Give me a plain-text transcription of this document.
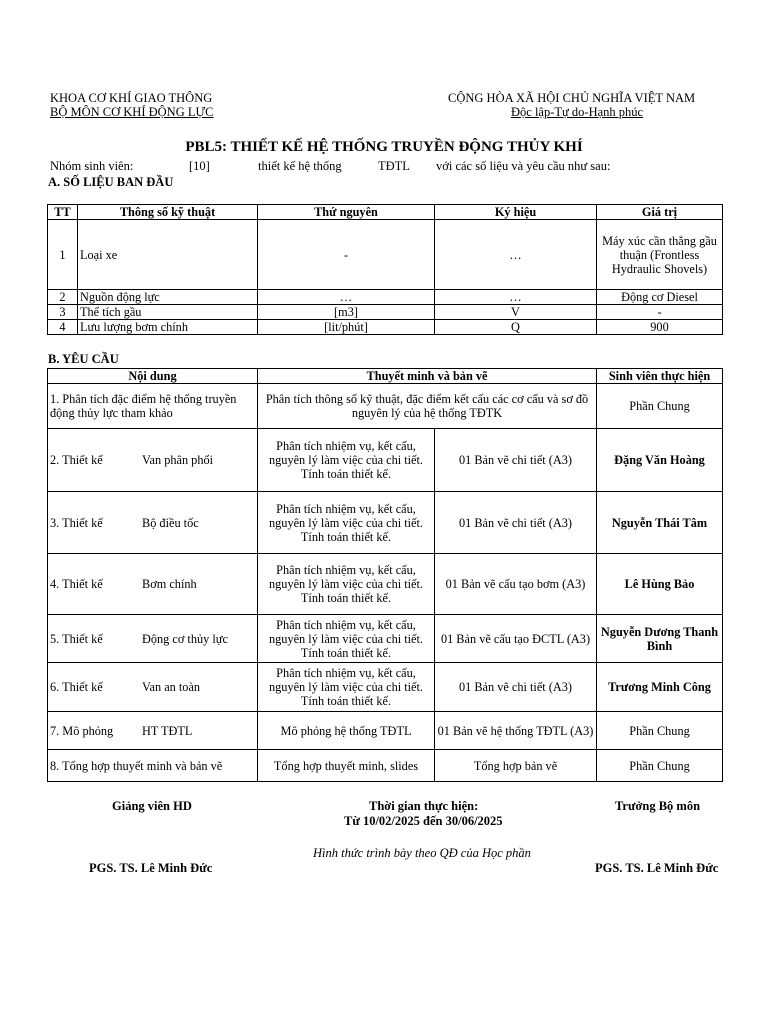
KHOA CƠ KHÍ GIAO THÔNG
BỘ MÔN CƠ KHÍ ĐỘNG LỰC
CỘNG HÒA XÃ HỘI CHỦ NGHĨA VIỆT NAM
Độc lập-Tự do-Hạnh phúc
PBL5: THIẾT KẾ HỆ THỐNG TRUYỀN ĐỘNG THỦY KHÍ
Nhóm sinh viên:	[10]	thiết kế hệ thống	TĐTL với các số liệu và yêu cầu như sau:
A. SỐ LIỆU BAN ĐẦU
TT	Thông số kỹ thuật	Thứ nguyên	Ký hiệu	Giá trị
1	Loại xe	-	…	Máy xúc cần thẳng gầu thuận (Frontless Hydraulic Shovels)
2	Nguồn động lực	…	…	Động cơ Diesel
3	Thể tích gầu	[m3]	V	-
4	Lưu lượng bơm chính	[lit/phút]	Q	900
B. YÊU CẦU
Nội dung	Thuyết minh và bản vẽ		Sinh viên thực hiện
1. Phân tích đặc điểm hệ thống truyền động thủy lực tham khảo	Phân tích thông số kỹ thuật, đặc điểm kết cấu các cơ cấu và sơ đồ nguyên lý của hệ thống TĐTK		Phần Chung
2. Thiết kế Van phân phối	Phân tích nhiệm vụ, kết cấu, nguyên lý làm việc của chi tiết. Tính toán thiết kế.	01 Bản vẽ chi tiết (A3)	Đặng Văn Hoàng
3. Thiết kế Bộ điều tốc	Phân tích nhiệm vụ, kết cấu, nguyên lý làm việc của chi tiết. Tính toán thiết kế.	01 Bản vẽ chi tiết (A3)	Nguyễn Thái Tâm
4. Thiết kế Bơm chính	Phân tích nhiệm vụ, kết cấu, nguyên lý làm việc của chi tiết. Tính toán thiết kế.	01 Bản vẽ cấu tạo bơm (A3)	Lê Hùng Bảo
5. Thiết kế Động cơ thủy lực	Phân tích nhiệm vụ, kết cấu, nguyên lý làm việc của chi tiết. Tính toán thiết kế.	01 Bản vẽ cấu tạo ĐCTL (A3)	Nguyễn Dương Thanh Bình
6. Thiết kế Van an toàn	Phân tích nhiệm vụ, kết cấu, nguyên lý làm việc của chi tiết. Tính toán thiết kế.	01 Bản vẽ chi tiết (A3)	Trương Minh Công
7. Mô phỏng HT TĐTL	Mô phỏng hệ thống TĐTL	01 Bản vẽ hệ thống TĐTL (A3)	Phần Chung
8. Tổng hợp thuyết minh và bản vẽ	Tổng hợp thuyết minh, slides	Tổng hợp bản vẽ	Phần Chung
Giảng viên HD	Thời gian thực hiện:
Từ 10/02/2025 đến 30/06/2025
Trưởng Bộ môn
Hình thức trình bày theo QĐ của Học phần
PGS. TS. Lê Minh Đức	PGS. TS. Lê Minh Đức
